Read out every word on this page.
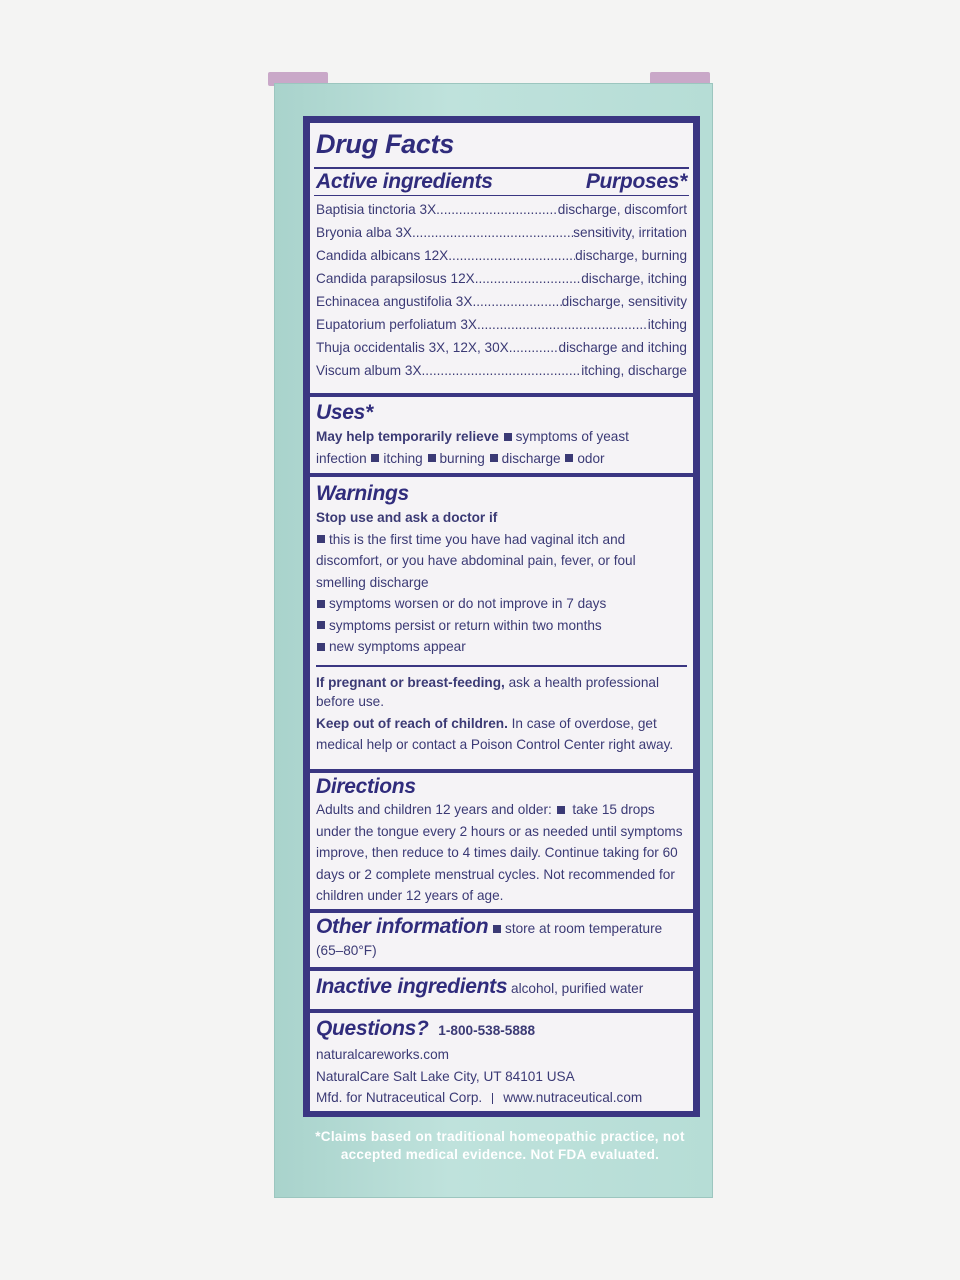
Drug Facts
Active ingredients	Purposes*
Baptisia tinctoria 3X .....	discharge, discomfort
Bryonia alba 3X .....	sensitivity, irritation
Candida albicans 12X .....	discharge, burning
Candida parapsilosus 12X .....	discharge, itching
Echinacea angustifolia 3X .....	discharge, sensitivity
Eupatorium perfoliatum 3X .....	itching
Thuja occidentalis 3X, 12X, 30X .....	discharge and itching
Viscum album 3X .....	itching, discharge
Uses*
May help temporarily relieve symptoms of yeast
infection itching burning discharge odor
Warnings
Stop use and ask a doctor if
this is the first time you have had vaginal itch and discomfort, or you have abdominal pain, fever, or foul smelling discharge
symptoms worsen or do not improve in 7 days
symptoms persist or return within two months
new symptoms appear
If pregnant or breast-feeding, ask a health professional before use.
Keep out of reach of children. In case of overdose, get medical help or contact a Poison Control Center right away.
Directions
Adults and children 12 years and older: take 15 drops under the tongue every 2 hours or as needed until symptoms improve, then reduce to 4 times daily. Continue taking for 60 days or 2 complete menstrual cycles. Not recommended for children under 12 years of age.
Other information store at room temperature (65–80°F)
Inactive ingredients alcohol, purified water
Questions? 1-800-538-5888
naturalcareworks.com
NaturalCare Salt Lake City, UT 84101 USA
Mfd. for Nutraceutical Corp. www.nutraceutical.com
*Claims based on traditional homeopathic practice, not accepted medical evidence. Not FDA evaluated.
